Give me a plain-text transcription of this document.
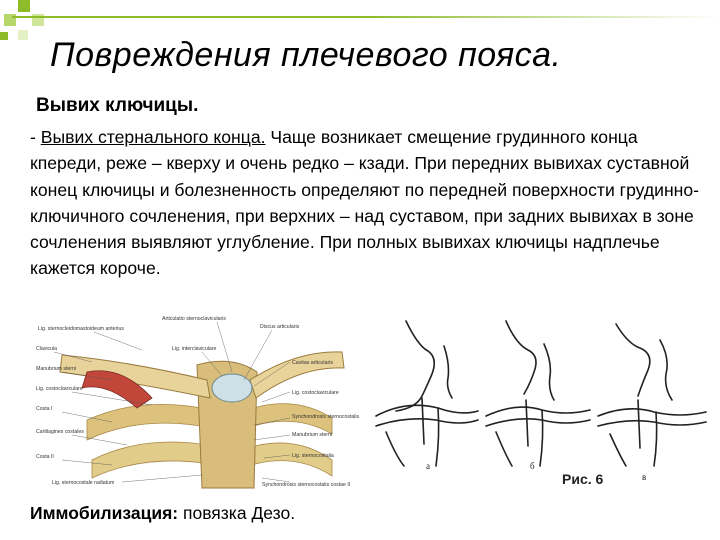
Повреждения плечевого пояса.
Вывих ключицы.
- Вывих стернального конца. Чаще возникает смещение грудинного конца кпереди, реже – кверху и очень редко – кзади. При передних вывихах суставной конец ключицы и болезненность определяют по передней поверхности грудинно-ключичного сочленения, при верхних – над суставом, при задних вывихах в зоне сочленения выявляют углубление. При полных вывихах ключицы надплечье кажется короче.
Lig. sternocleidomastoideum anterius
Clavicula
Manubrium sterni
Lig. costoclaviculare
Costa I
Cartilagines costales
Costa II
Lig. sternocostale radiatum
Articulatio sternoclavicularis
Discus articularis
Lig. interclaviculare
Cavitas articularis
Lig. costoclaviculare
Synchondrosis sternocostalis
Manubrium sterni
Lig. sternocostalia
Synchondrosis sternocostalis costae II
а	б
в
Рис. 6
Иммобилизация: повязка Дезо.
